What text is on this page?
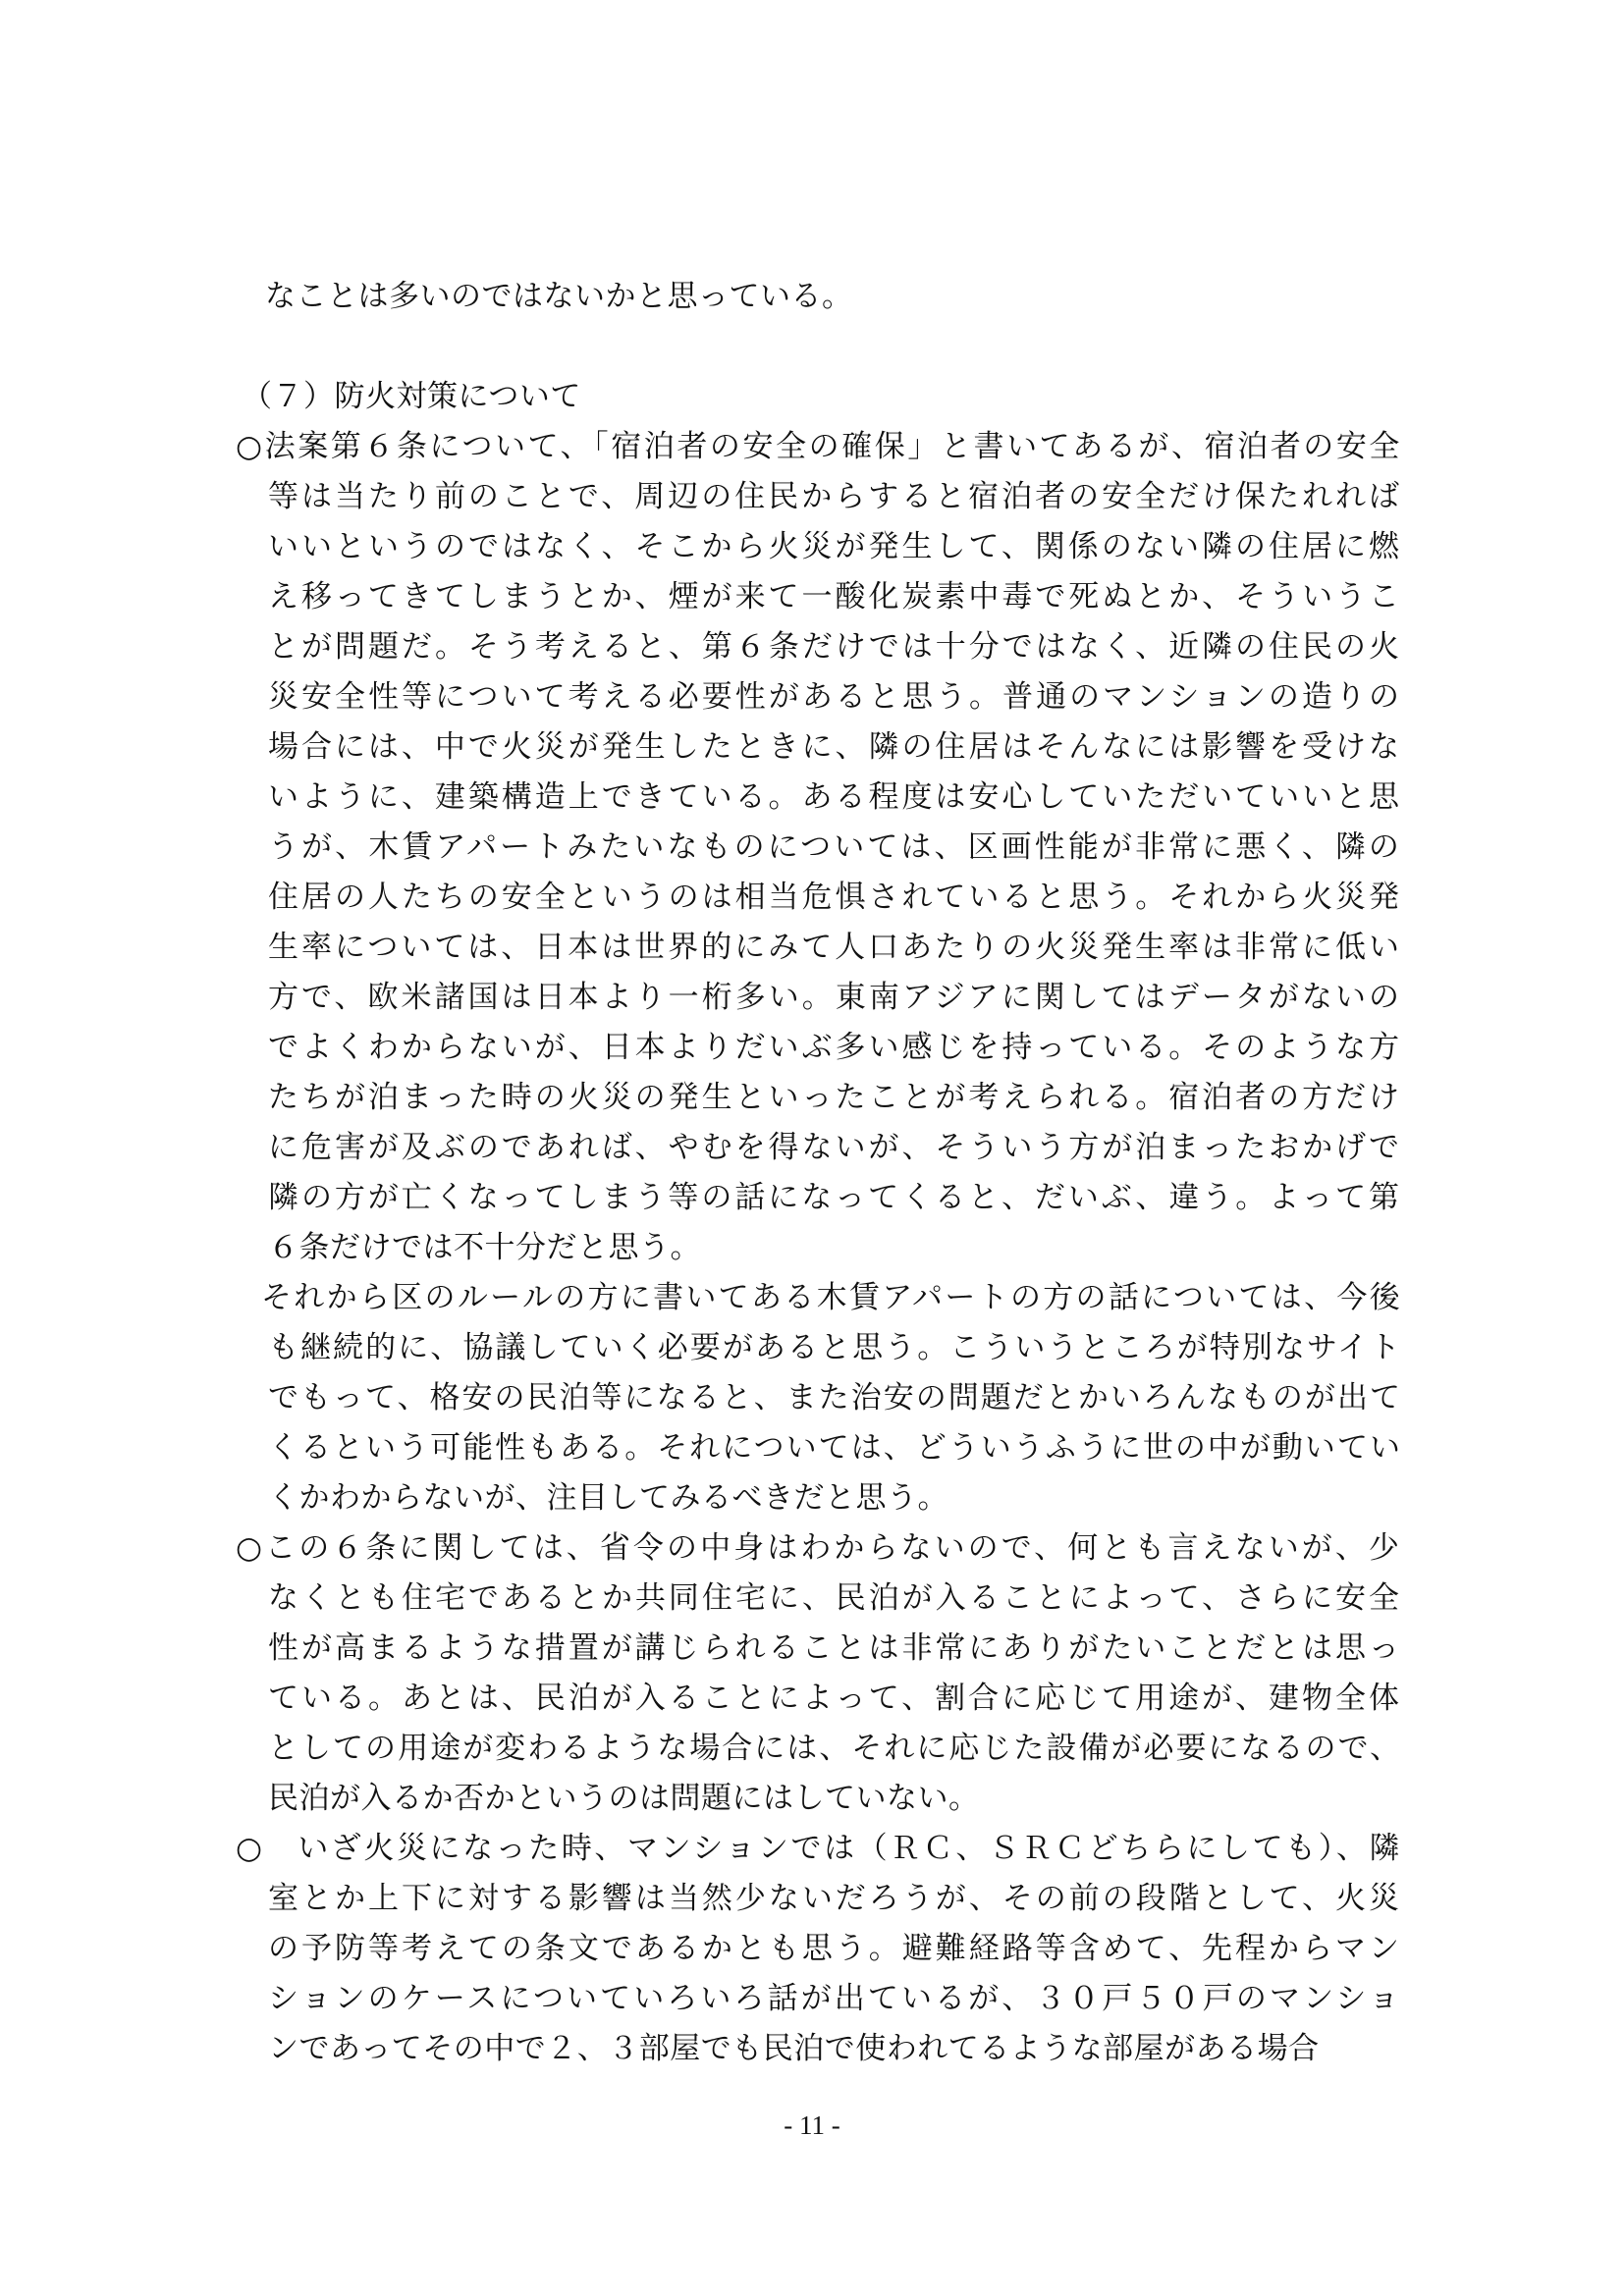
なことは多いのではないかと思っている。
（７）防火対策について
○法案第６条について、「宿泊者の安全の確保」と書いてあるが、宿泊者の安全
等は当たり前のことで、周辺の住民からすると宿泊者の安全だけ保たれれば
いいというのではなく、そこから火災が発生して、関係のない隣の住居に燃
え移ってきてしまうとか、煙が来て一酸化炭素中毒で死ぬとか、そういうこ
とが問題だ。そう考えると、第６条だけでは十分ではなく、近隣の住民の火
災安全性等について考える必要性があると思う。普通のマンションの造りの
場合には、中で火災が発生したときに、隣の住居はそんなには影響を受けな
いように、建築構造上できている。ある程度は安心していただいていいと思
うが、木賃アパートみたいなものについては、区画性能が非常に悪く、隣の
住居の人たちの安全というのは相当危惧されていると思う。それから火災発
生率については、日本は世界的にみて人口あたりの火災発生率は非常に低い
方で、欧米諸国は日本より一桁多い。東南アジアに関してはデータがないの
でよくわからないが、日本よりだいぶ多い感じを持っている。そのような方
たちが泊まった時の火災の発生といったことが考えられる。宿泊者の方だけ
に危害が及ぶのであれば、やむを得ないが、そういう方が泊まったおかげで
隣の方が亡くなってしまう等の話になってくると、だいぶ、違う。よって第
６条だけでは不十分だと思う。
それから区のルールの方に書いてある木賃アパートの方の話については、今後
も継続的に、協議していく必要があると思う。こういうところが特別なサイト
でもって、格安の民泊等になると、また治安の問題だとかいろんなものが出て
くるという可能性もある。それについては、どういうふうに世の中が動いてい
くかわからないが、注目してみるべきだと思う。
○この６条に関しては、省令の中身はわからないので、何とも言えないが、少
なくとも住宅であるとか共同住宅に、民泊が入ることによって、さらに安全
性が高まるような措置が講じられることは非常にありがたいことだとは思っ
ている。あとは、民泊が入ることによって、割合に応じて用途が、建物全体
としての用途が変わるような場合には、それに応じた設備が必要になるので、
民泊が入るか否かというのは問題にはしていない。
○　いざ火災になった時、マンションでは（ＲＣ、ＳＲＣどちらにしても）、隣
室とか上下に対する影響は当然少ないだろうが、その前の段階として、火災
の予防等考えての条文であるかとも思う。避難経路等含めて、先程からマン
ションのケースについていろいろ話が出ているが、３０戸５０戸のマンショ
ンであってその中で２、３部屋でも民泊で使われてるような部屋がある場合
- 11 -
